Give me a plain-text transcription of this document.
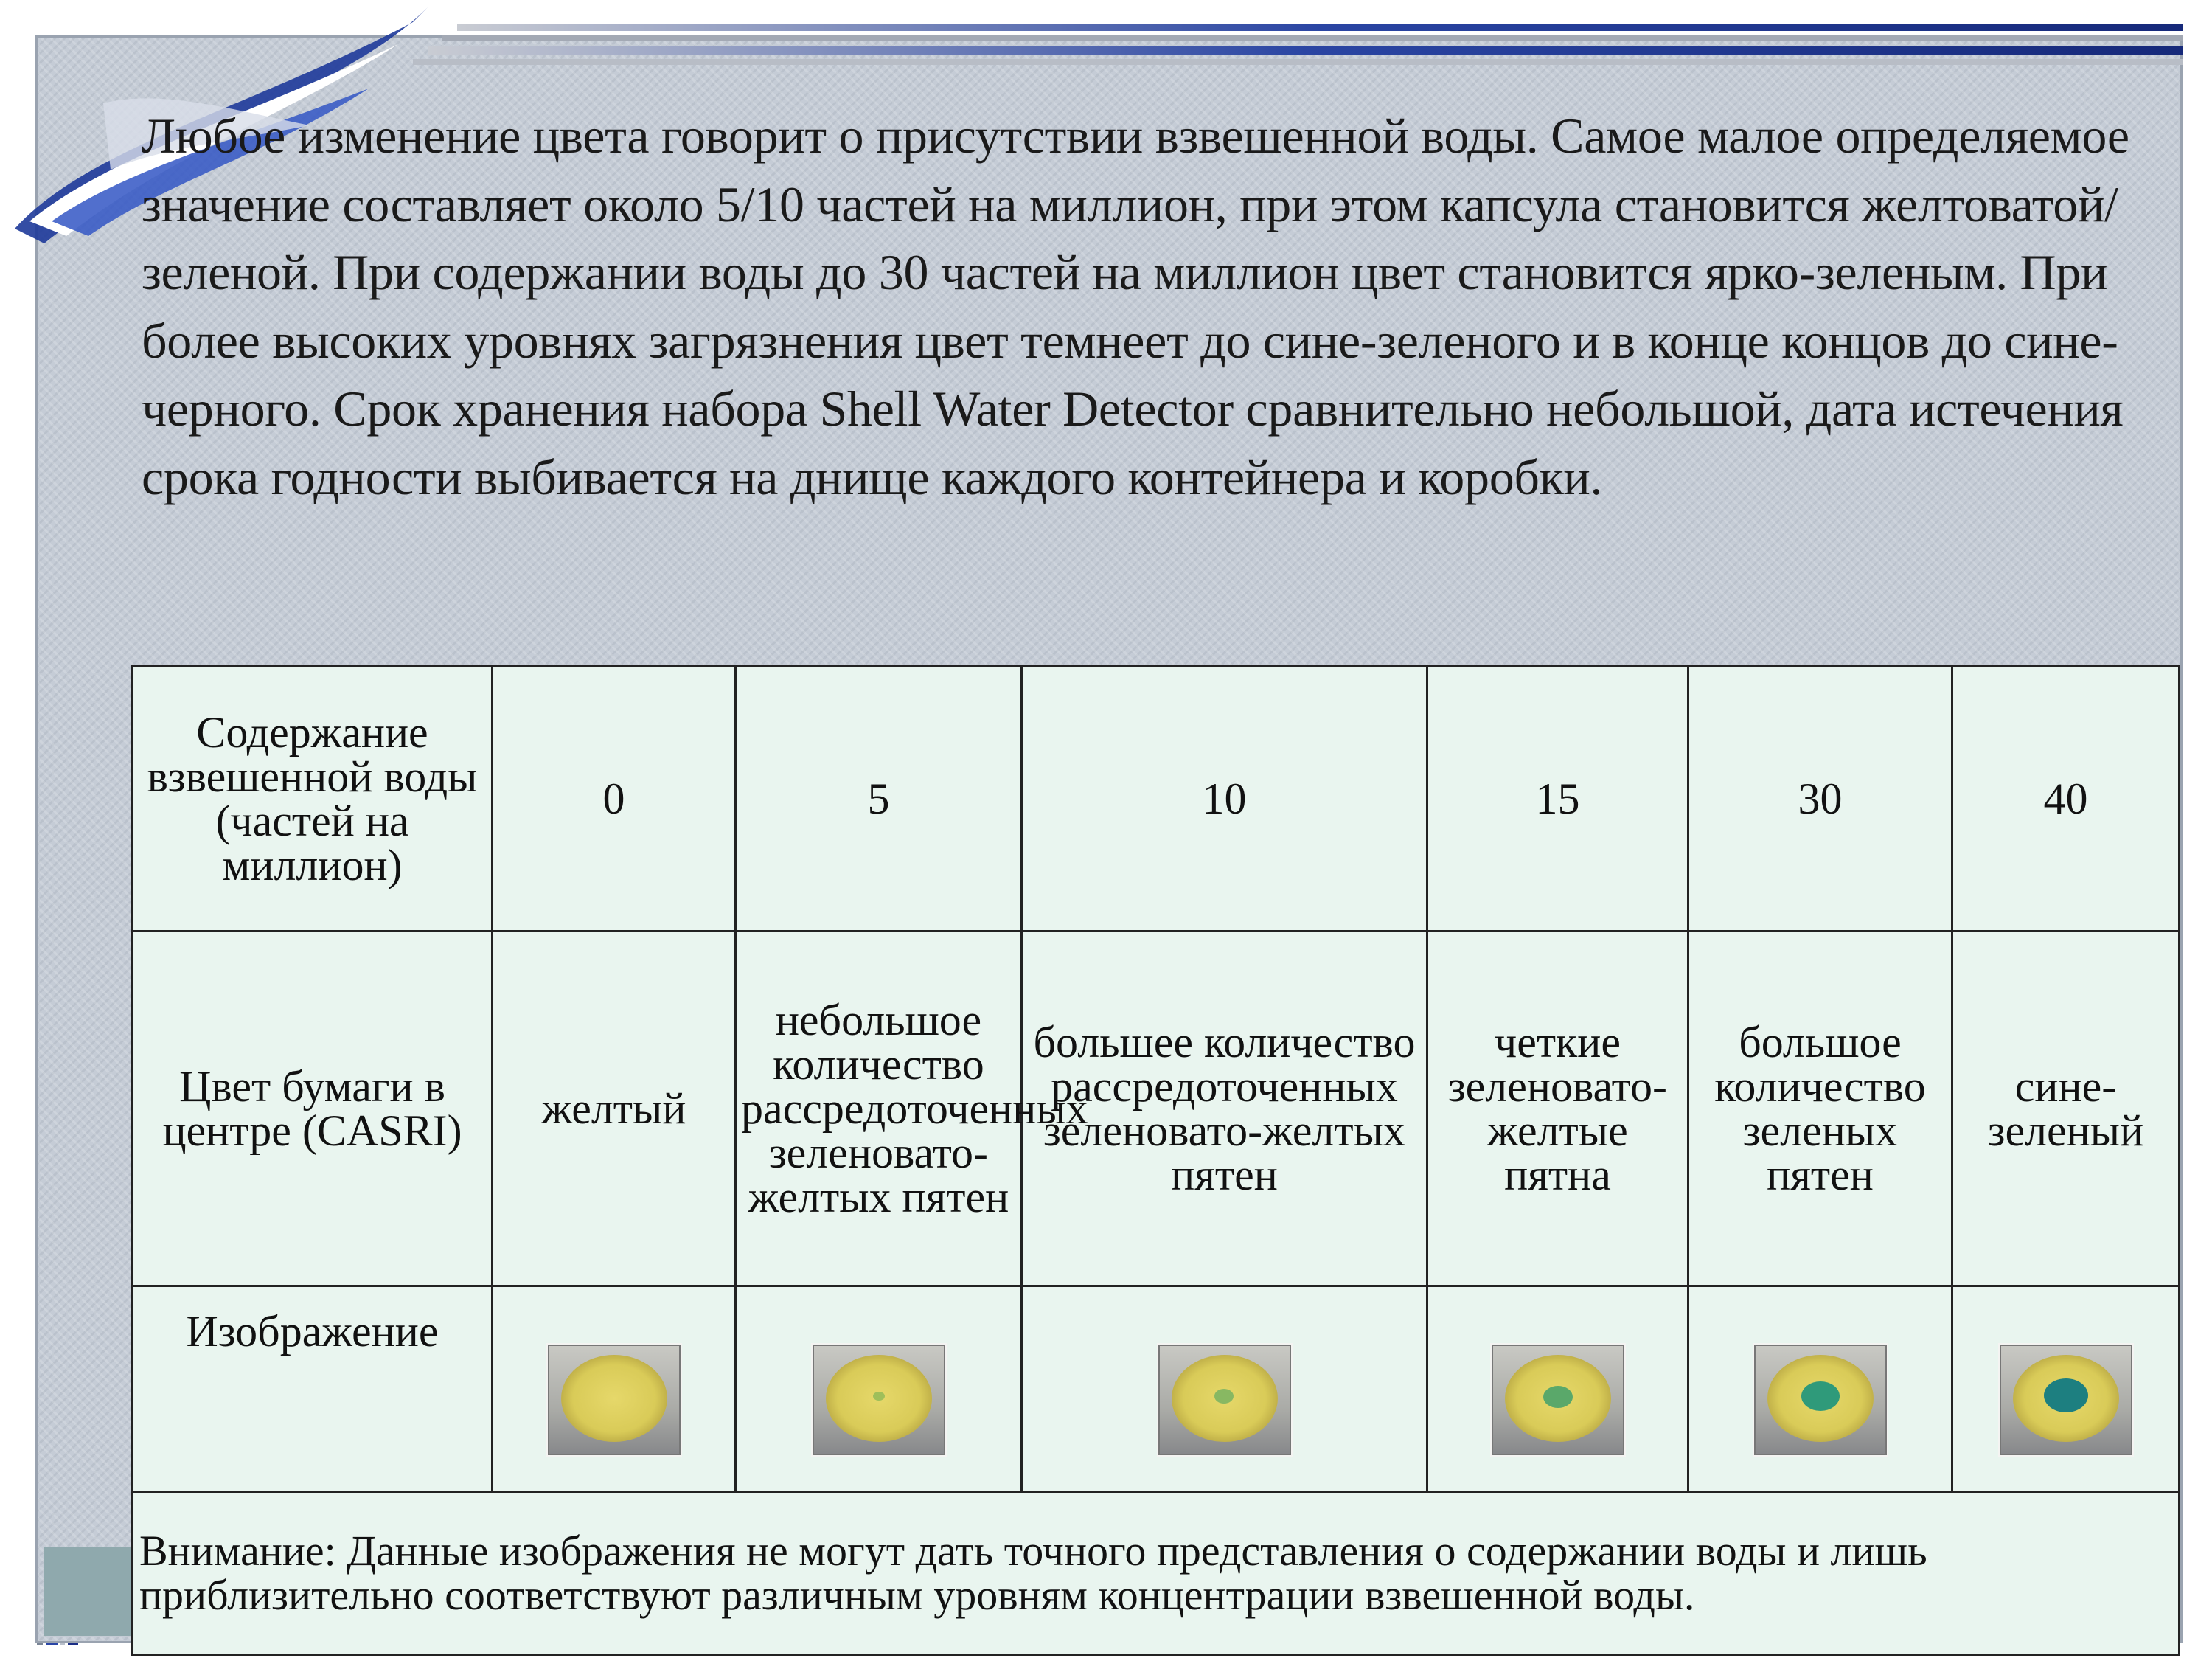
Любое изменение цвета говорит о присутствии взвешенной воды. Самое малое определяемое значение составляет около 5/10 частей на миллион, при этом капсула становится желтоватой/зеленой. При содержании воды до 30 частей на миллион цвет становится ярко-зеленым. При более высоких уровнях загрязнения цвет темнеет до сине-зеленого и в конце концов до сине-черного. Срок хранения набора Shell Water Detector сравнительно небольшой, дата истечения срока годности выбивается на днище каждого контейнера и коробки.
Содержание взвешенной воды (частей на миллион)	0	5	10	15	30	40
Цвет бумаги в центре (CASRI)	желтый	небольшое количество рассредоточенных зеленовато-желтых пятен	большее количество рассредоточенных зеленовато-желтых пятен	четкие зеленовато-желтые пятна	большое количество зеленых пятен	сине-зеленый
Изображение	

Внимание: Данные изображения не могут дать точного представления о содержании воды и лишь приблизительно соответствуют различным уровням концентрации взвешенной воды.						
